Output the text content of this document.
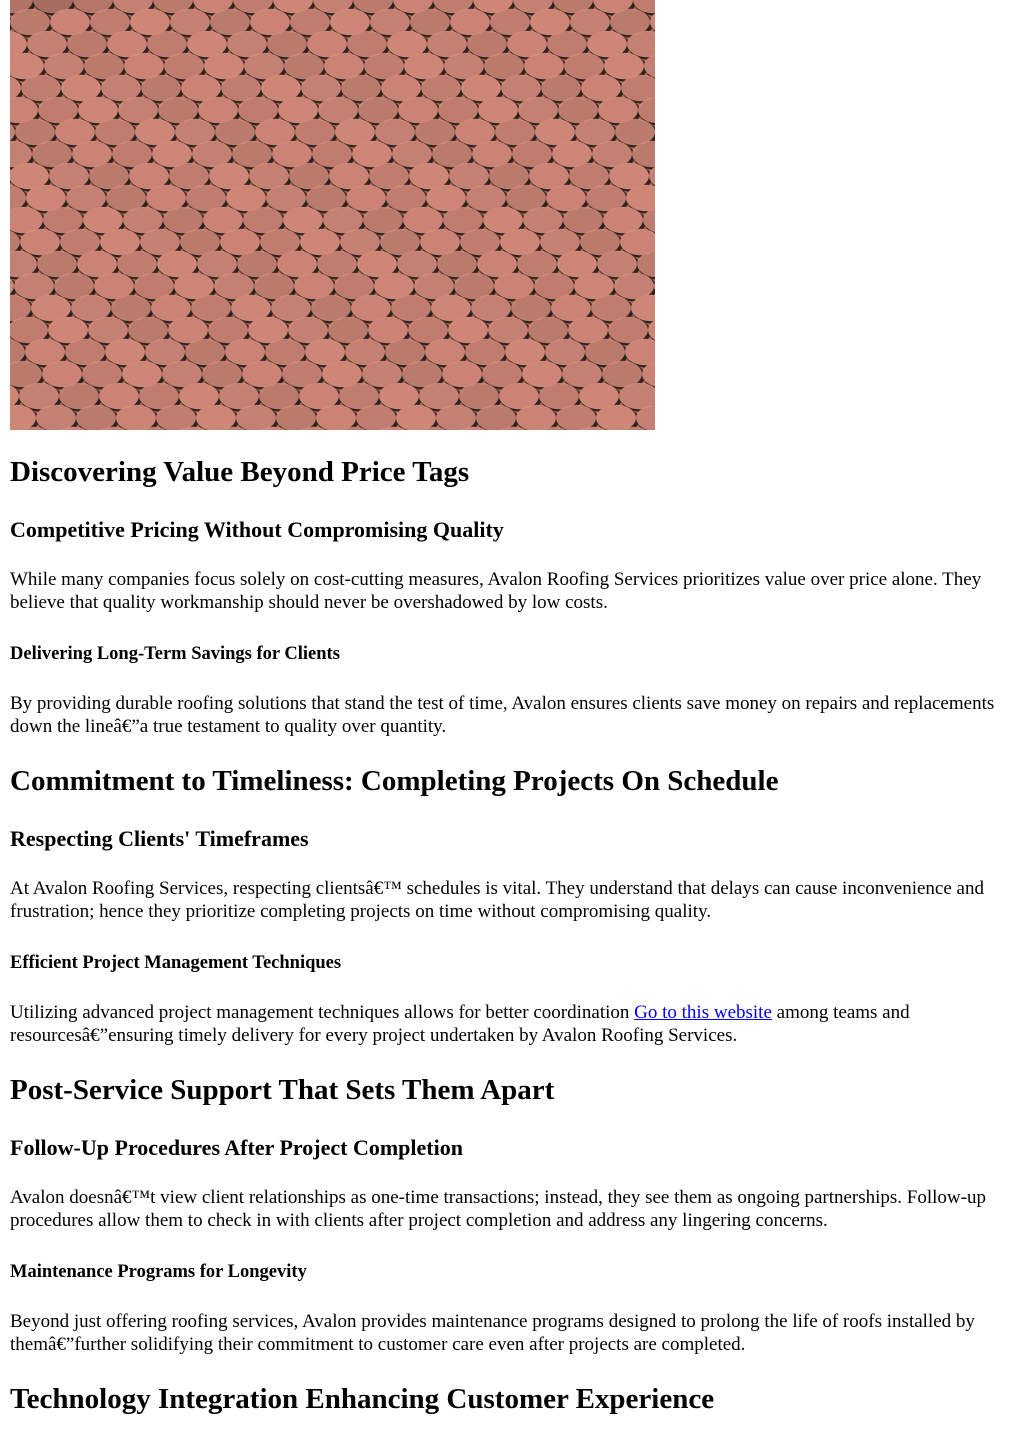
Discovering Value Beyond Price Tags
Competitive Pricing Without Compromising Quality

While many companies focus solely on cost-cutting measures, Avalon Roofing Services prioritizes value over price alone. They believe that quality workmanship should never be overshadowed by low costs.

Delivering Long-Term Savings for Clients

By providing durable roofing solutions that stand the test of time, Avalon ensures clients save money on repairs and replacements down the lineâ€”a true testament to quality over quantity.

Commitment to Timeliness: Completing Projects On Schedule
Respecting Clients' Timeframes

At Avalon Roofing Services, respecting clientsâ€™ schedules is vital. They understand that delays can cause inconvenience and frustration; hence they prioritize completing projects on time without compromising quality.

Efficient Project Management Techniques

Utilizing advanced project management techniques allows for better coordination Go to this website among teams and resourcesâ€”ensuring timely delivery for every project undertaken by Avalon Roofing Services.

Post-Service Support That Sets Them Apart
Follow-Up Procedures After Project Completion

Avalon doesnâ€™t view client relationships as one-time transactions; instead, they see them as ongoing partnerships. Follow-up procedures allow them to check in with clients after project completion and address any lingering concerns.

Maintenance Programs for Longevity

Beyond just offering roofing services, Avalon provides maintenance programs designed to prolong the life of roofs installed by themâ€”further solidifying their commitment to customer care even after projects are completed.

Technology Integration Enhancing Customer Experience
